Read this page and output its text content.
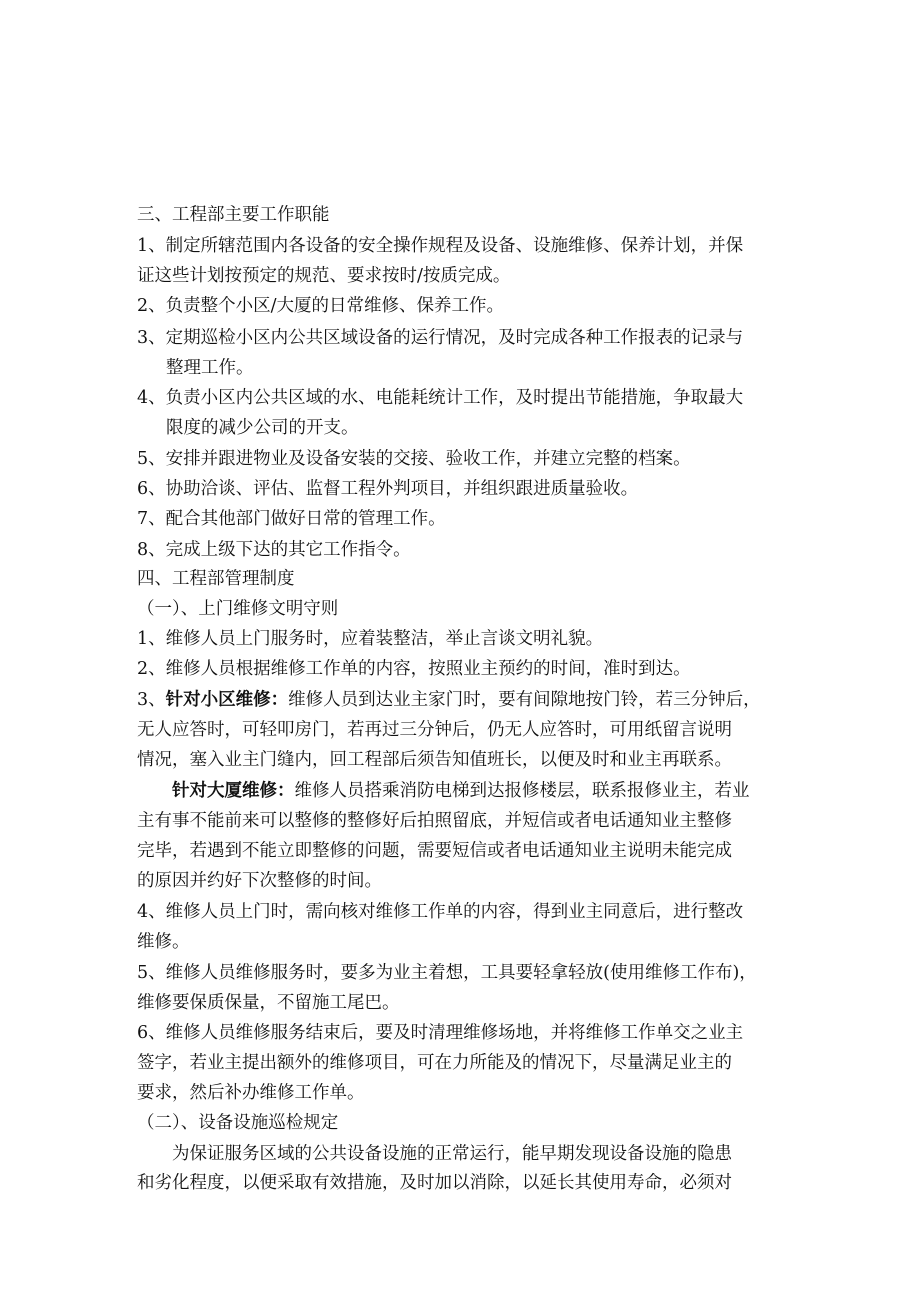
三、工程部主要工作职能

1、制定所辖范围内各设备的安全操作规程及设备、设施维修、保养计划，并保

证这些计划按预定的规范、要求按时/按质完成。

2、负责整个小区/大厦的日常维修、保养工作。

3、定期巡检小区内公共区域设备的运行情况，及时完成各种工作报表的记录与

整理工作。

4、负责小区内公共区域的水、电能耗统计工作，及时提出节能措施，争取最大

限度的减少公司的开支。

5、安排并跟进物业及设备安装的交接、验收工作，并建立完整的档案。

6、协助洽谈、评估、监督工程外判项目，并组织跟进质量验收。

7、配合其他部门做好日常的管理工作。

8、完成上级下达的其它工作指令。

四、工程部管理制度

（一）、上门维修文明守则

1、维修人员上门服务时，应着装整洁，举止言谈文明礼貌。

2、维修人员根据维修工作单的内容，按照业主预约的时间，准时到达。

3、针对小区维修：维修人员到达业主家门时，要有间隙地按门铃，若三分钟后，

无人应答时，可轻叩房门，若再过三分钟后，仍无人应答时，可用纸留言说明

情况，塞入业主门缝内，回工程部后须告知值班长，以便及时和业主再联系。

针对大厦维修：维修人员搭乘消防电梯到达报修楼层，联系报修业主，若业

主有事不能前来可以整修的整修好后拍照留底，并短信或者电话通知业主整修

完毕，若遇到不能立即整修的问题，需要短信或者电话通知业主说明未能完成

的原因并约好下次整修的时间。

4、维修人员上门时，需向核对维修工作单的内容，得到业主同意后，进行整改

维修。

5、维修人员维修服务时，要多为业主着想，工具要轻拿轻放(使用维修工作布)，

维修要保质保量，不留施工尾巴。

6、维修人员维修服务结束后，要及时清理维修场地，并将维修工作单交之业主

签字，若业主提出额外的维修项目，可在力所能及的情况下，尽量满足业主的

要求，然后补办维修工作单。

（二）、设备设施巡检规定

为保证服务区域的公共设备设施的正常运行，能早期发现设备设施的隐患

和劣化程度，以便采取有效措施，及时加以消除，以延长其使用寿命，必须对
